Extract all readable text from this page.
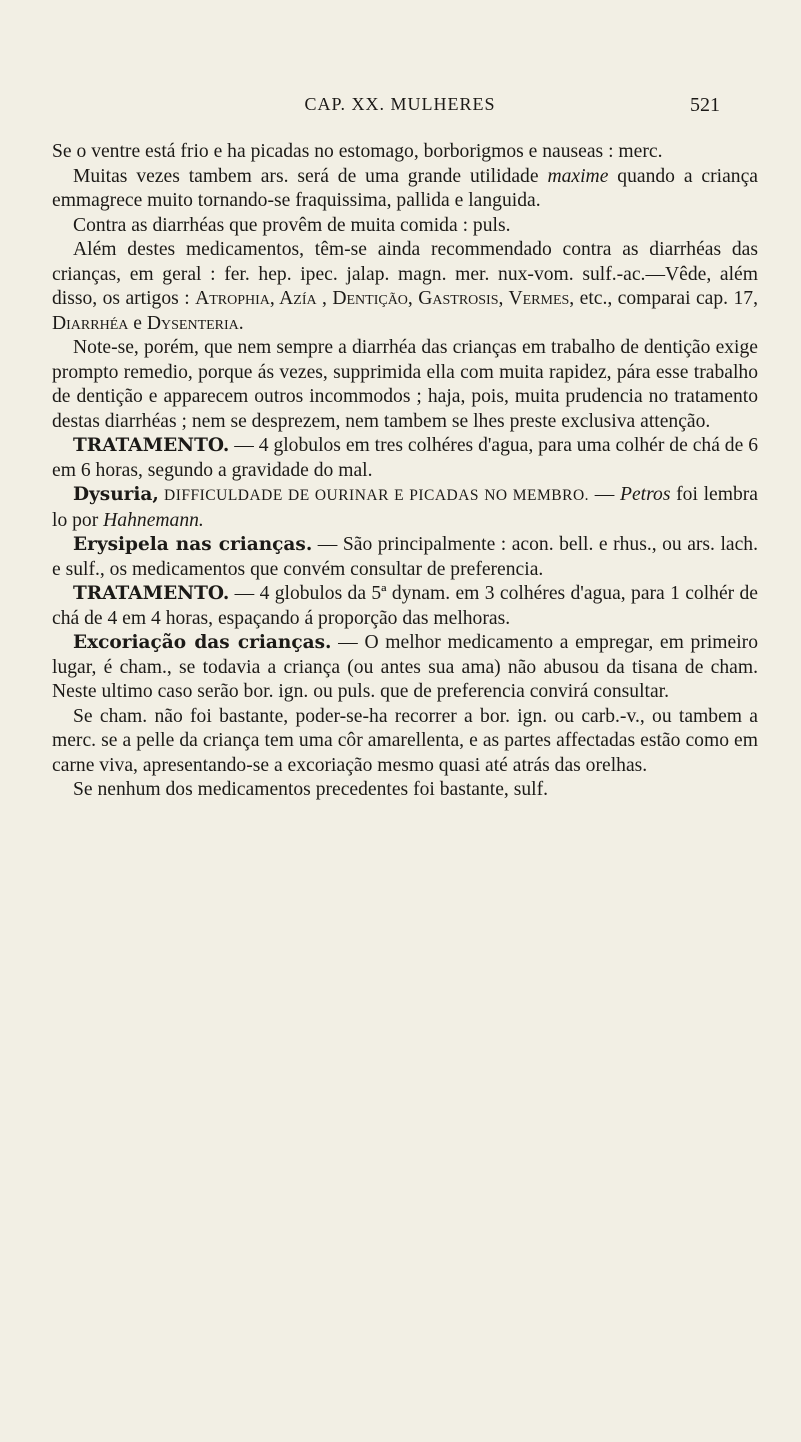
CAP. XX. MULHERES	521

Se o ventre está frio e ha picadas no estomago, borborigmos e nauseas : merc.

Muitas vezes tambem ars. será de uma grande utilidade maxime quando a criança emmagrece muito tornando-se fraquissima, pallida e languida.

Contra as diarrhéas que provêm de muita comida : puls.

Além destes medicamentos, têm-se ainda recommendado contra as diarrhéas das crianças, em geral : fer. hep. ipec. jalap. magn. mer. nux-vom. sulf.-ac.—Vêde, além disso, os artigos : Atrophia, Azía , Dentição, Gastrosis, Vermes, etc., comparai cap. 17, Diarrhéa e Dysenteria.

Note-se, porém, que nem sempre a diarrhéa das crianças em trabalho de dentição exige prompto remedio, porque ás vezes, supprimida ella com muita rapidez, pára esse trabalho de dentição e apparecem outros incommodos ; haja, pois, muita prudencia no tratamento destas diarrhéas ; nem se desprezem, nem tambem se lhes preste exclusiva attenção.

TRATAMENTO. — 4 globulos em tres colhéres d'agua, para uma colhér de chá de 6 em 6 horas, segundo a gravidade do mal.

Dysuria, DIFFICULDADE DE OURINAR E PICADAS NO MEMBRO. — Petros foi lembra lo por Hahnemann.

Erysipela nas crianças. — São principalmente : acon. bell. e rhus., ou ars. lach. e sulf., os medicamentos que convém consultar de preferencia.

TRATAMENTO. — 4 globulos da 5ª dynam. em 3 colhéres d'agua, para 1 colhér de chá de 4 em 4 horas, espaçando á proporção das melhoras.

Excoriação das crianças. — O melhor medicamento a empregar, em primeiro lugar, é cham., se todavia a criança (ou antes sua ama) não abusou da tisana de cham. Neste ultimo caso serão bor. ign. ou puls. que de preferencia convirá consultar.

Se cham. não foi bastante, poder-se-ha recorrer a bor. ign. ou carb.-v., ou tambem a merc. se a pelle da criança tem uma côr amarellenta, e as partes affectadas estão como em carne viva, apresentando-se a excoriação mesmo quasi até atrás das orelhas.

Se nenhum dos medicamentos precedentes foi bastante, sulf.
